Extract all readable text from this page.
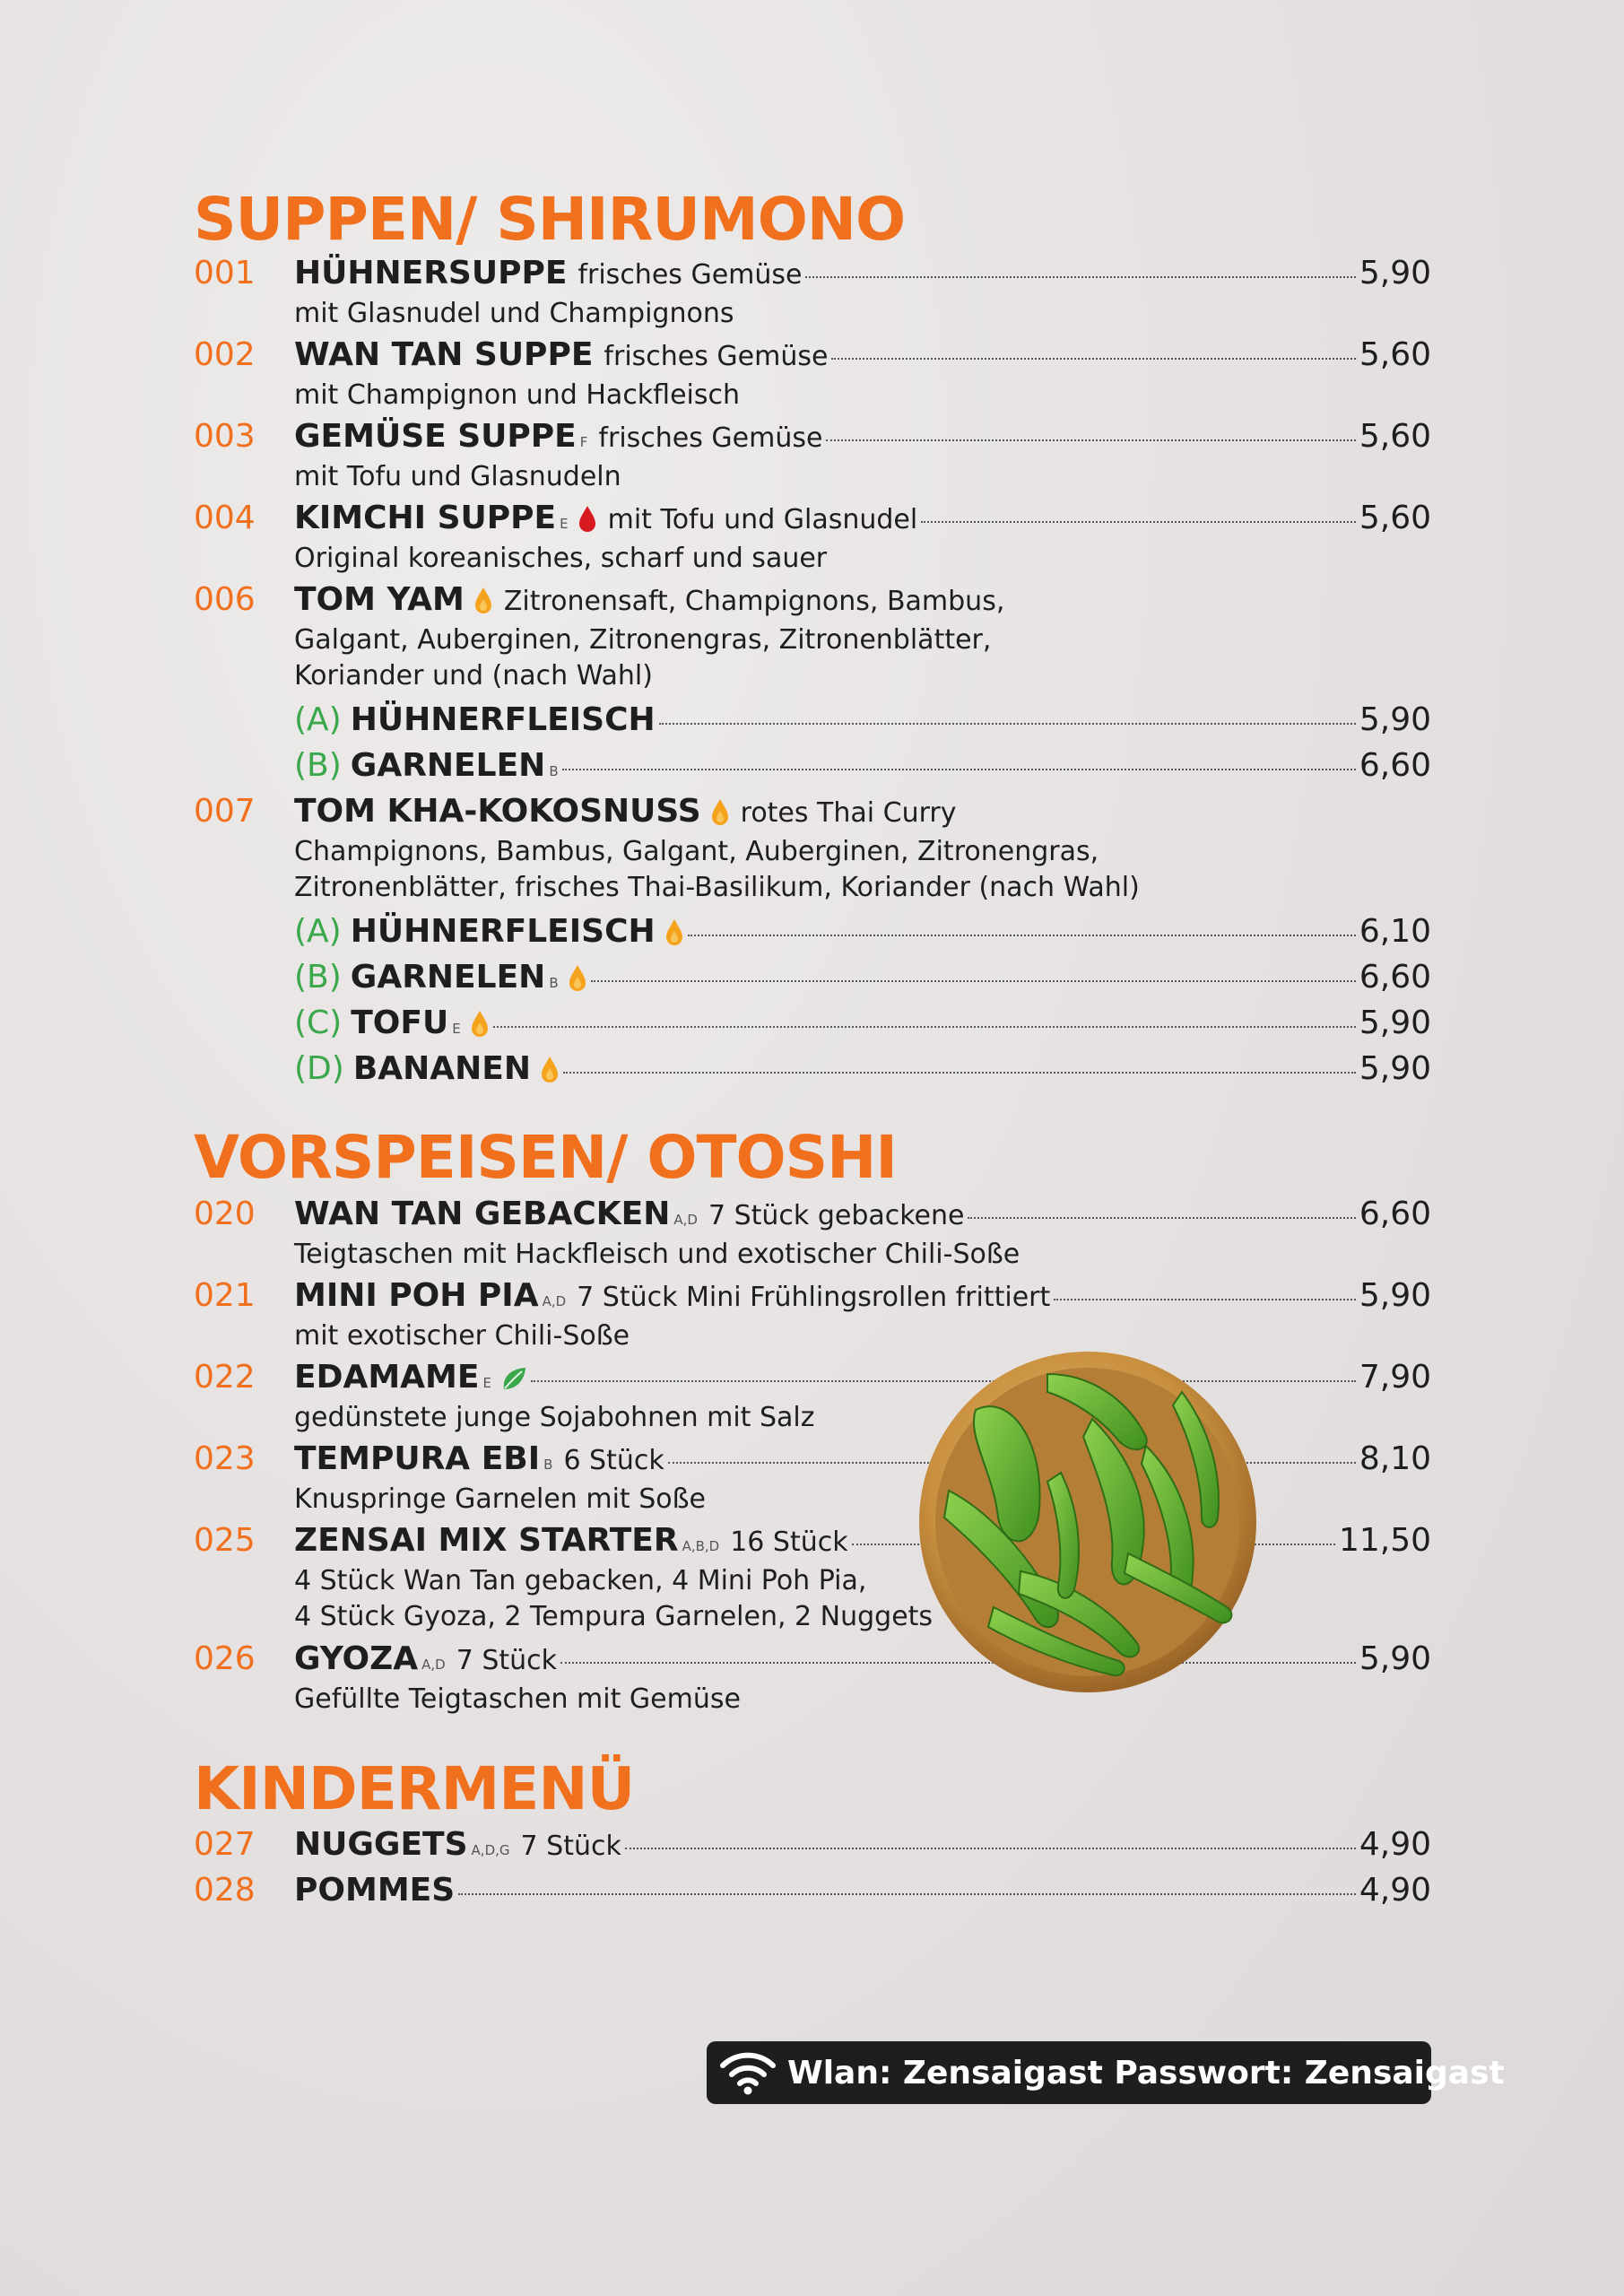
SUPPEN/ SHIRUMONO
001	HÜHNERSUPPE frisches Gemüse	5,90
mit Glasnudel und Champignons
002	WAN TAN SUPPE frisches Gemüse	5,60
mit Champignon und Hackfleisch
003	GEMÜSE SUPPE F frisches Gemüse	5,60
mit Tofu und Glasnudeln
004	KIMCHI SUPPE E mit Tofu und Glasnudel	5,60
Original koreanisches, scharf und sauer
006	TOM YAM Zitronensaft, Champignons, Bambus,
Galgant, Auberginen, Zitronengras, Zitronenblätter,
Koriander und (nach Wahl)
(A) HÜHNERFLEISCH	5,90
(B) GARNELEN B	6,60
007	TOM KHA-KOKOSNUSS rotes Thai Curry
Champignons, Bambus, Galgant, Auberginen, Zitronengras,
Zitronenblätter, frisches Thai-Basilikum, Koriander (nach Wahl)
(A) HÜHNERFLEISCH	6,10
(B) GARNELEN B	6,60
(C) TOFU E	5,90
(D) BANANEN	5,90
VORSPEISEN/ OTOSHI
020	WAN TAN GEBACKEN A,D 7 Stück gebackene	6,60
Teigtaschen mit Hackfleisch und exotischer Chili-Soße
021	MINI POH PIA A,D 7 Stück Mini Frühlingsrollen frittiert	5,90
mit exotischer Chili-Soße
022	EDAMAME E	7,90
gedünstete junge Sojabohnen mit Salz
023	TEMPURA EBI B 6 Stück	8,10
Knuspringe Garnelen mit Soße
025	ZENSAI MIX STARTER A,B,D 16 Stück	11,50
4 Stück Wan Tan gebacken, 4 Mini Poh Pia,
4 Stück Gyoza, 2 Tempura Garnelen, 2 Nuggets
026	GYOZA A,D 7 Stück	5,90
Gefüllte Teigtaschen mit Gemüse
KINDERMENÜ
027	NUGGETS A,D,G 7 Stück	4,90
028	POMMES	4,90
Wlan: Zensaigast Passwort: Zensaigast
